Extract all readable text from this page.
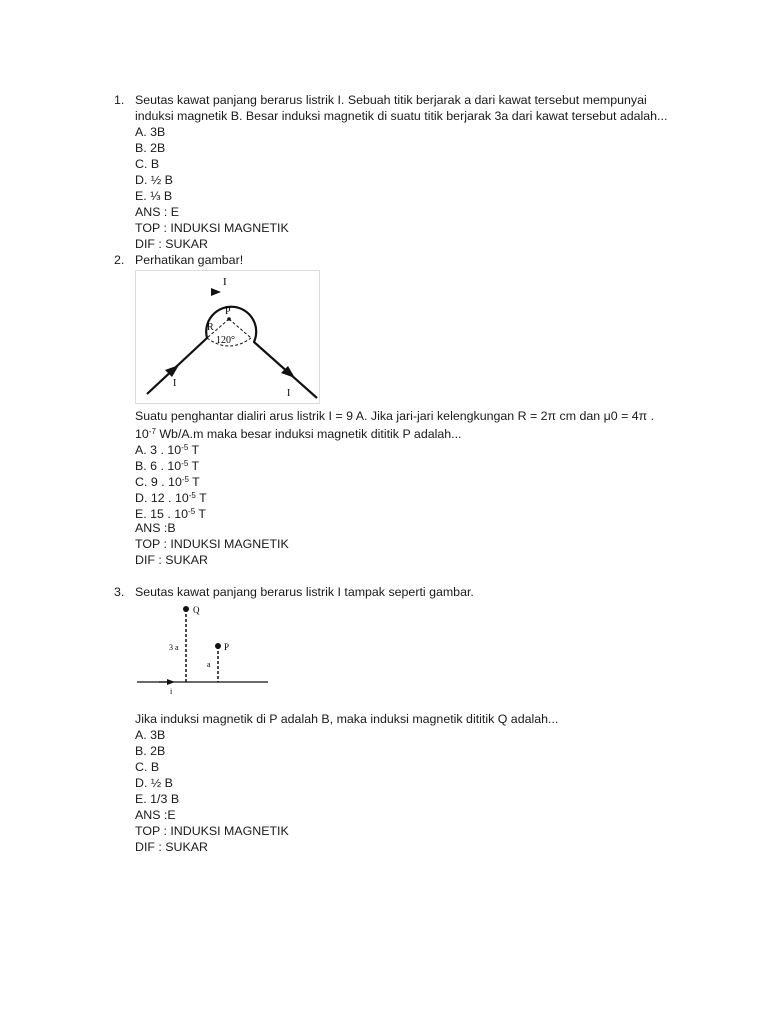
1. Seutas kawat panjang berarus listrik I. Sebuah titik berjarak a dari kawat tersebut mempunyai
induksi magnetik B. Besar induksi magnetik di suatu titik berjarak 3a dari kawat tersebut adalah...
A. 3B
B. 2B
C. B
D. ½ B
E. ⅓ B
ANS : E
TOP : INDUKSI MAGNETIK
DIF : SUKAR
2. Perhatikan gambar!
I
P
R
120°
I
I
Suatu penghantar dialiri arus listrik I = 9 A. Jika jari-jari kelengkungan R = 2π cm dan μ0 = 4π .
$10^{-7}$ Wb/A.m maka besar induksi magnetik dititik P adalah...
A. 3 . $10^{-5}$ T
B. 6 . $10^{-5}$ T
C. 9 . $10^{-5}$ T
D. 12 . $10^{-5}$ T
E. 15 . $10^{-5}$ T
ANS :B
TOP : INDUKSI MAGNETIK
DIF : SUKAR
3. Seutas kawat panjang berarus listrik I tampak seperti gambar.
Q
3 a	P
a
i
Jika induksi magnetik di P adalah B, maka induksi magnetik dititik Q adalah...
A. 3B
B. 2B
C. B
D. ½ B
E. 1/3 B
ANS :E
TOP : INDUKSI MAGNETIK
DIF : SUKAR
